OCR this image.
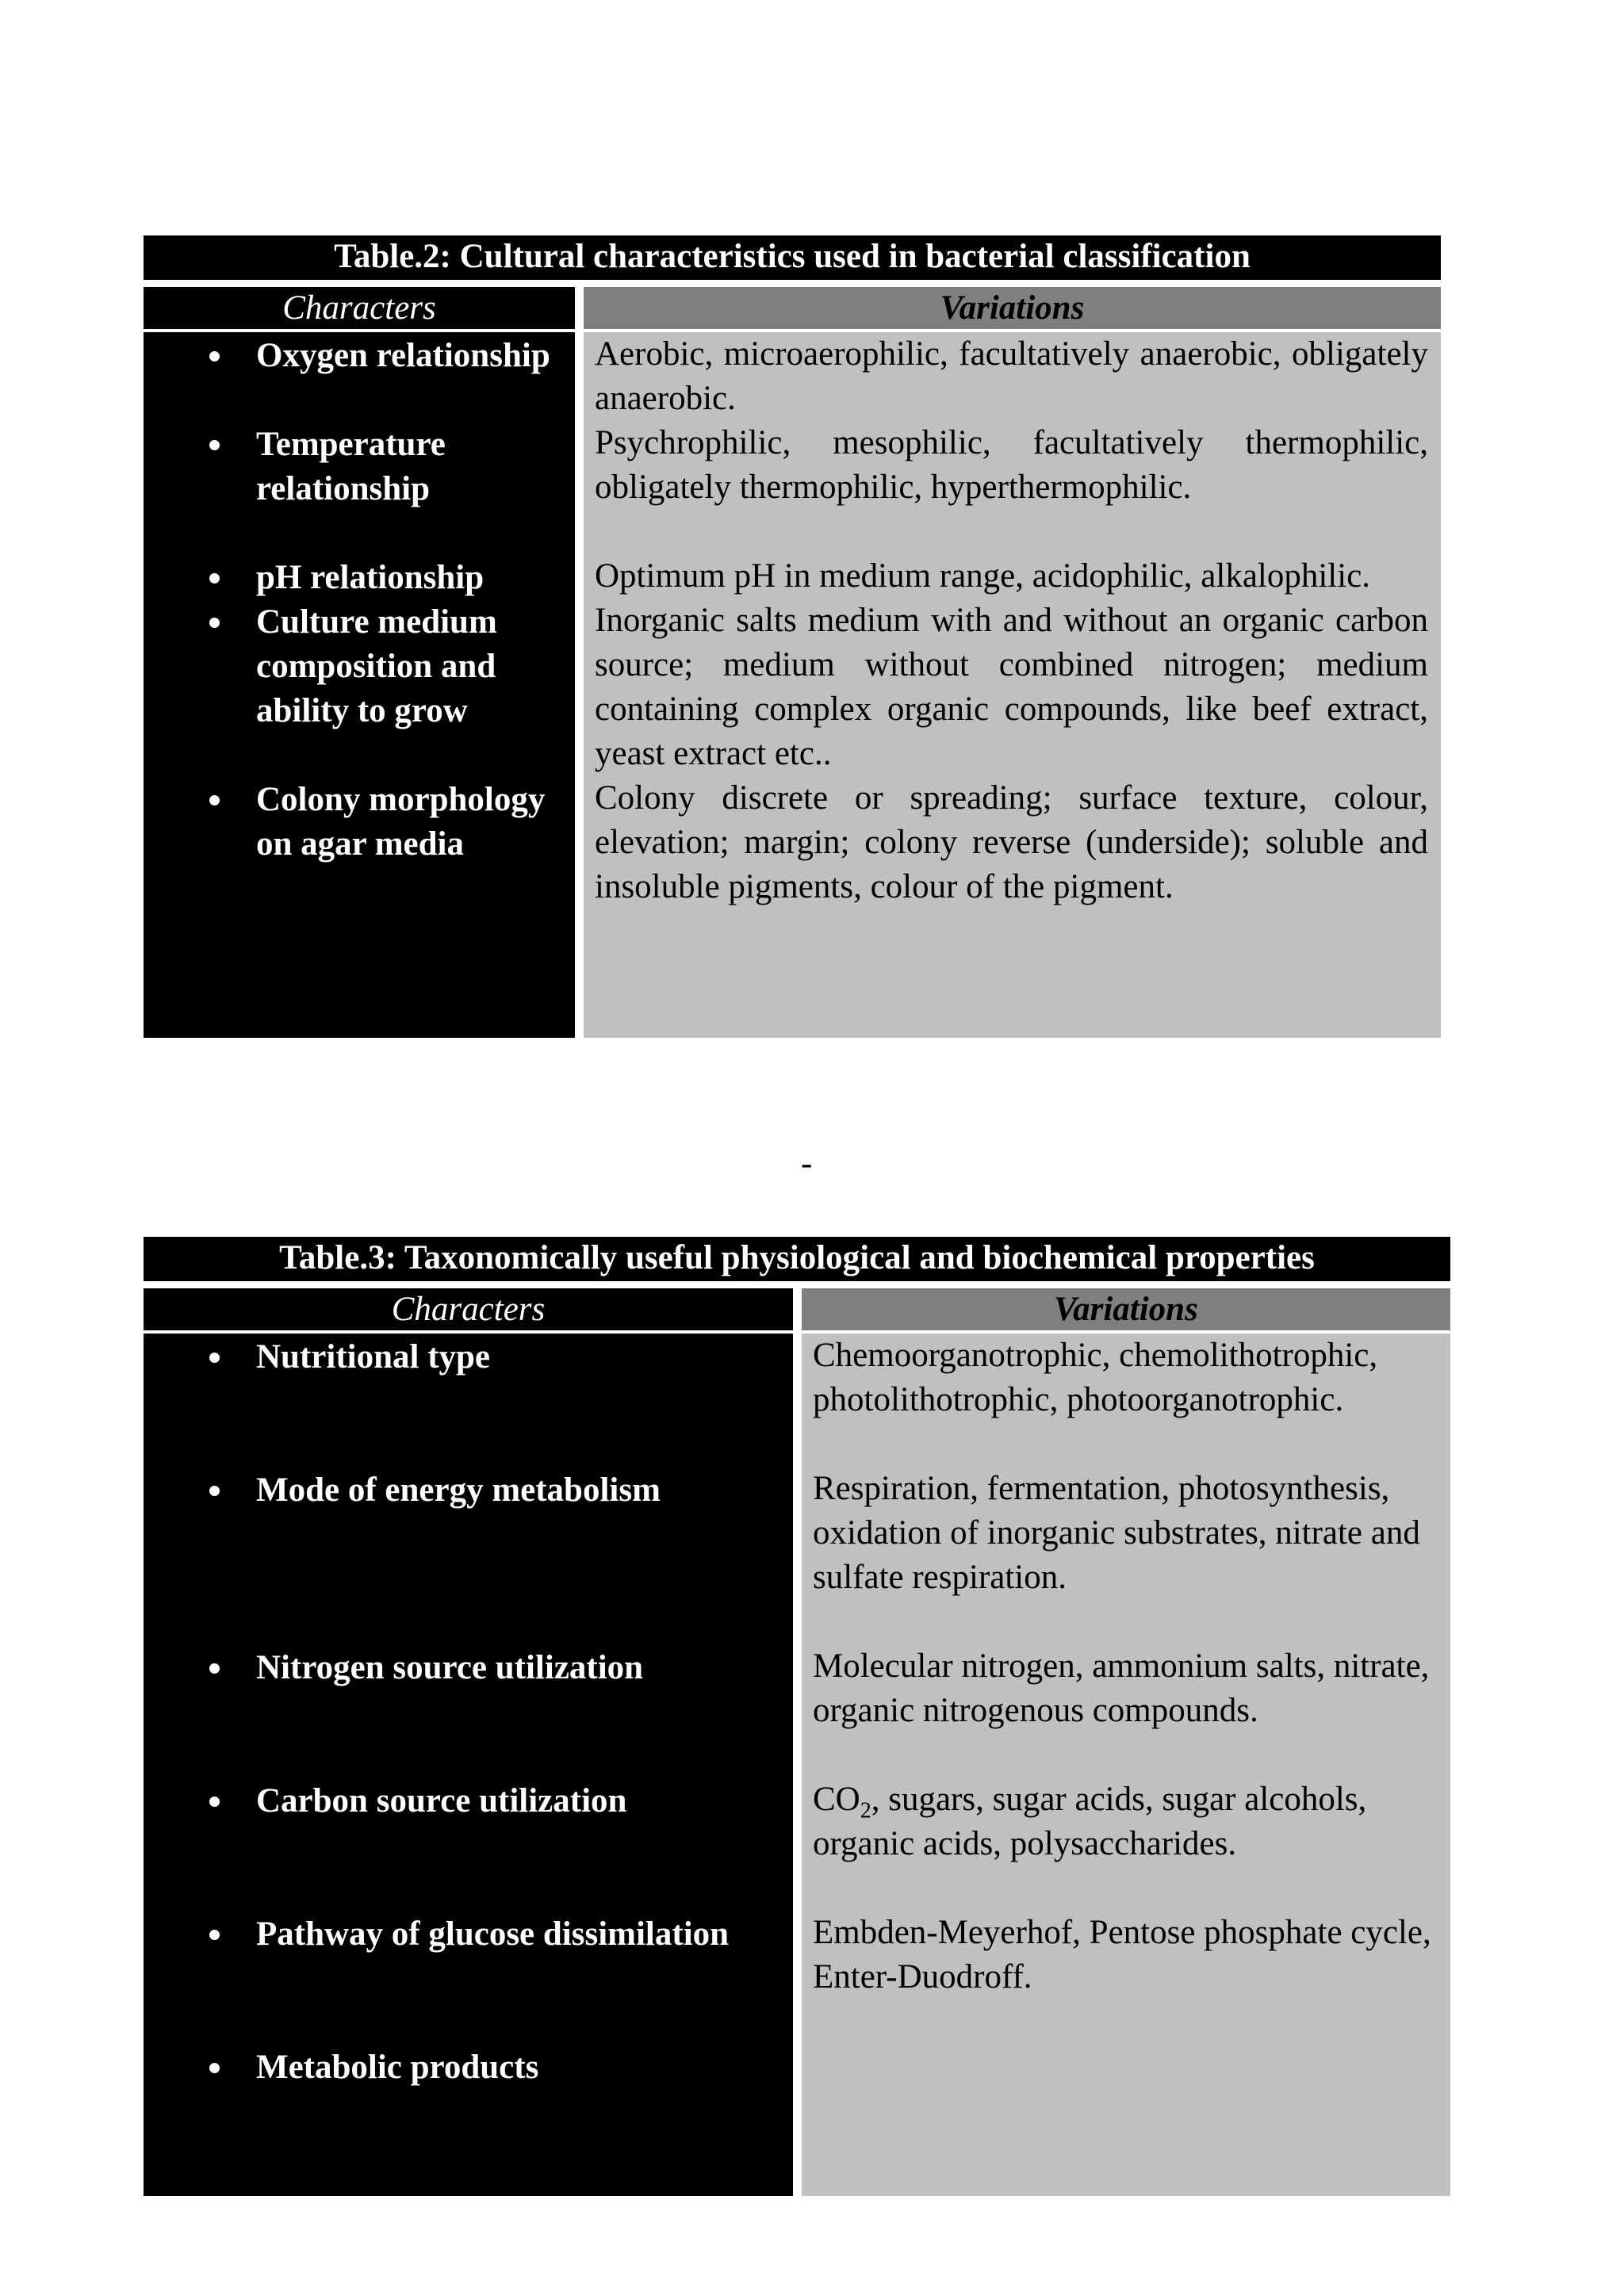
Table.2: Cultural characteristics used in bacterial classification
Characters	Variations
Oxygen relationship
Temperature relationship
pH relationship
Culture medium composition and ability to grow
Colony morphology on agar media
Aerobic, microaerophilic, facultatively anaerobic, obligately anaerobic.
Psychrophilic, mesophilic, facultatively thermophilic, obligately thermophilic, hyperthermophilic.
Optimum pH in medium range, acidophilic, alkalophilic.
Inorganic salts medium with and without an organic carbon source; medium without combined nitrogen; medium containing complex organic compounds, like beef extract, yeast extract etc..
Colony discrete or spreading; surface texture, colour, elevation; margin; colony reverse (underside); soluble and insoluble pigments, colour of the pigment.
-
Table.3: Taxonomically useful physiological and biochemical properties
Characters	Variations
Nutritional type
Mode of energy metabolism
Nitrogen source utilization
Carbon source utilization
Pathway of glucose dissimilation
Metabolic products
Chemoorganotrophic, chemolithotrophic, photolithotrophic, photoorganotrophic.
Respiration, fermentation, photosynthesis, oxidation of inorganic substrates, nitrate and sulfate respiration.
Molecular nitrogen, ammonium salts, nitrate, organic nitrogenous compounds.
$CO_2$, sugars, sugar acids, sugar alcohols, organic acids, polysaccharides.
Embden-Meyerhof, Pentose phosphate cycle, Enter-Duodroff.
